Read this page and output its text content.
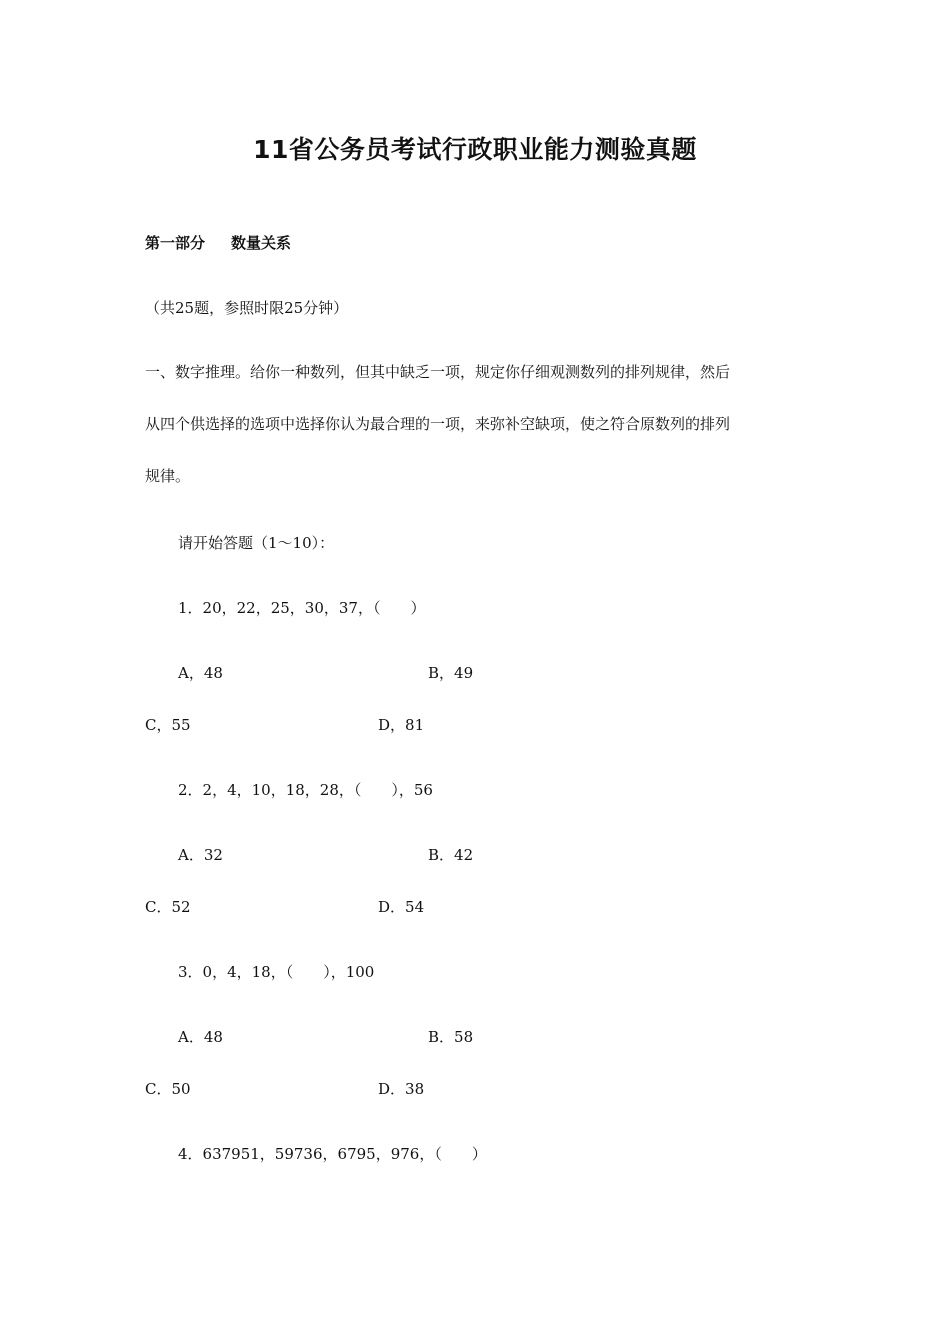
11省公务员考试行政职业能力测验真题
第一部分 数量关系
（共25题，参照时限25分钟）
一、数字推理。给你一种数列，但其中缺乏一项，规定你仔细观测数列的排列规律，然后
从四个供选择的选项中选择你认为最合理的一项，来弥补空缺项，使之符合原数列的排列
规律。
请开始答题（1～10）：
1．20，22，25，30，37，（　　）
A，48	B，49
C，55	D，81
2．2，4，10，18，28，（　　），56
A．32	B．42
C．52	D．54
3．0，4，18，（　　），100
A．48	B．58
C．50	D．38
4．637951，59736，6795，976，（　　）
